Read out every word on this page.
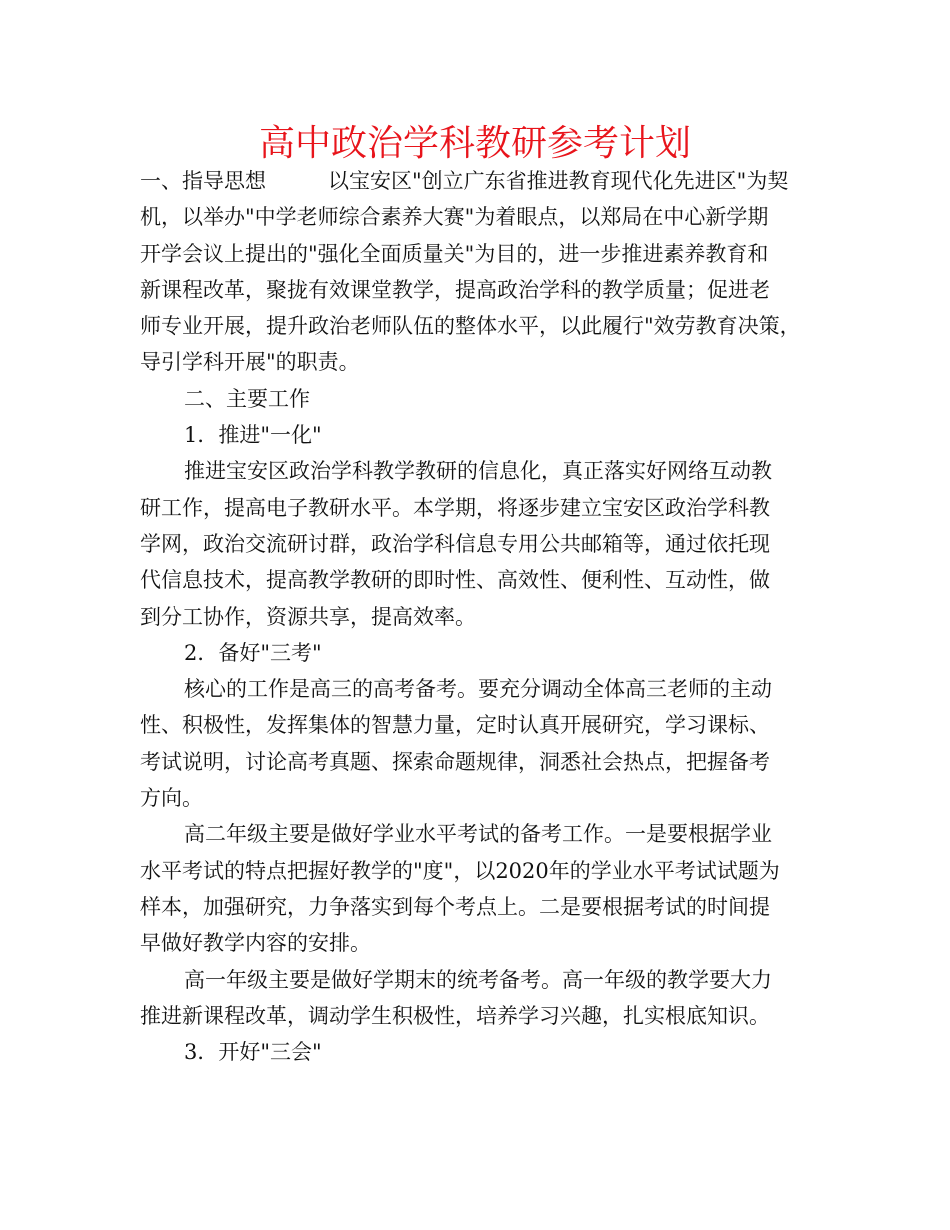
高中政治学科教研参考计划
一、指导思想	以宝安区"创立广东省推进教育现代化先进区"为契
机，以举办"中学老师综合素养大赛"为着眼点，以郑局在中心新学期
开学会议上提出的"强化全面质量关"为目的，进一步推进素养教育和
新课程改革，聚拢有效课堂教学，提高政治学科的教学质量；促进老
师专业开展，提升政治老师队伍的整体水平，以此履行"效劳教育决策，
导引学科开展"的职责。
二、主要工作
1．推进"一化"
推进宝安区政治学科教学教研的信息化，真正落实好网络互动教
研工作，提高电子教研水平。本学期，将逐步建立宝安区政治学科教
学网，政治交流研讨群，政治学科信息专用公共邮箱等，通过依托现
代信息技术，提高教学教研的即时性、高效性、便利性、互动性，做
到分工协作，资源共享，提高效率。
2．备好"三考"
核心的工作是高三的高考备考。要充分调动全体高三老师的主动
性、积极性，发挥集体的智慧力量，定时认真开展研究，学习课标、
考试说明，讨论高考真题、探索命题规律，洞悉社会热点，把握备考
方向。
高二年级主要是做好学业水平考试的备考工作。一是要根据学业
水平考试的特点把握好教学的"度"，以2020年的学业水平考试试题为
样本，加强研究，力争落实到每个考点上。二是要根据考试的时间提
早做好教学内容的安排。
高一年级主要是做好学期末的统考备考。高一年级的教学要大力
推进新课程改革，调动学生积极性，培养学习兴趣，扎实根底知识。
3．开好"三会"
